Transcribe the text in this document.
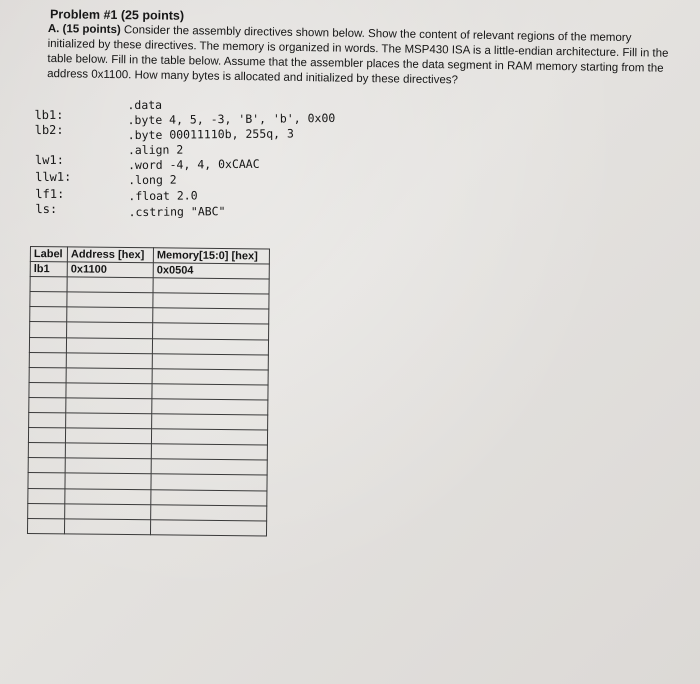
Problem #1 (25 points)
A. (15 points) Consider the assembly directives shown below. Show the content of relevant regions of the memory initialized by these directives. The memory is organized in words. The MSP430 ISA is a little-endian architecture. Fill in the table below. Fill in the table below. Assume that the assembler places the data segment in RAM memory starting from the address 0x1100. How many bytes is allocated and initialized by these directives?
lb1:
lb2:
lw1:
llw1:
lf1:
ls:
.data
.byte 4, 5, -3, 'B', 'b', 0x00
.byte 00011110b, 255q, 3
.align 2
.word -4, 4, 0xCAAC
.long 2
.float 2.0
.cstring "ABC"
Label	Address [hex]	Memory[15:0] [hex]
lb1	0x1100	0x0504
